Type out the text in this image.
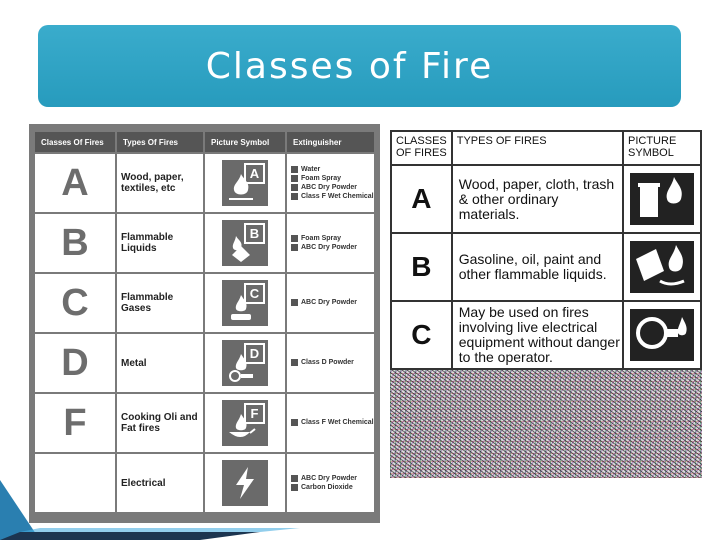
Classes of Fire
Classes Of Fires	Types Of Fires	Picture Symbol	Extinguisher
A	Wood, paper, textiles, etc	A	Water
Foam Spray
ABC Dry Powder
Class F Wet Chemical

B	Flammable Liquids	B	Foam Spray
ABC Dry Powder

C	Flammable Gases	C	ABC Dry Powder

D	Metal	D	Class D Powder

F	Cooking Oli and Fat fires	F	Class F Wet Chemical

	Electrical		ABC Dry Powder
Carbon Dioxide
CLASSES OF FIRES	TYPES OF FIRES	PICTURE SYMBOL
A	Wood, paper, cloth, trash & other ordinary materials.	

B	Gasoline, oil, paint and other flammable liquids.	

C	May be used on fires involving live electrical equipment without danger to the operator.	
